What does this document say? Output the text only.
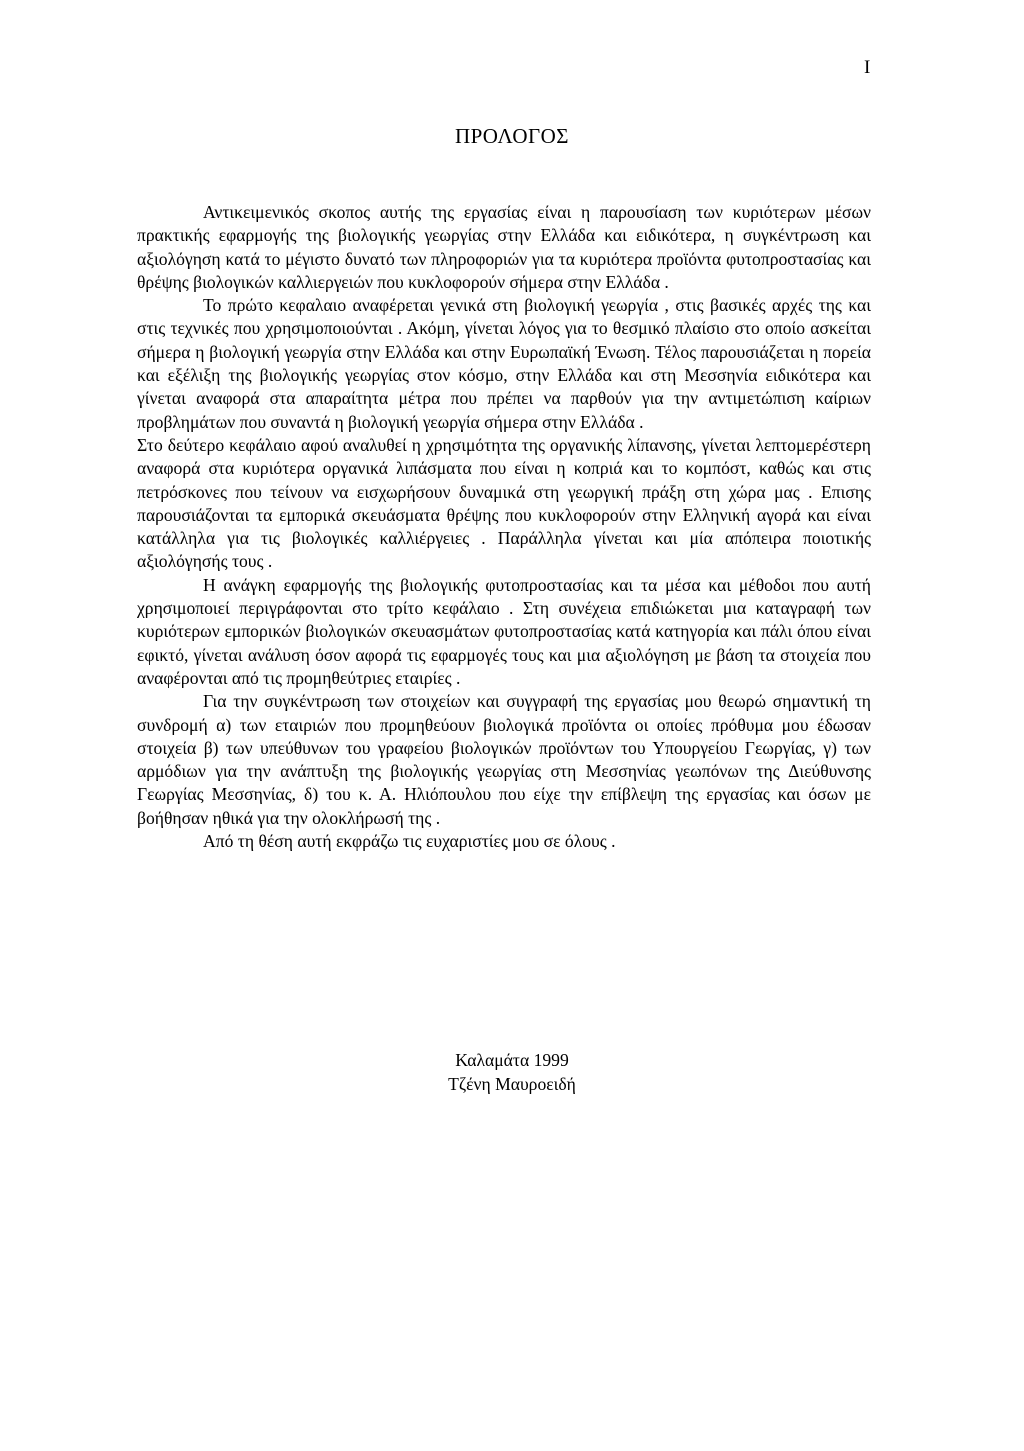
I
ΠΡΟΛΟΓΟΣ

Αντικειμενικός σκοπος αυτής της εργασίας είναι η παρουσίαση των κυριότερων μέσων πρακτικής εφαρμογής της βιολογικής γεωργίας στην Ελλάδα και ειδικότερα, η συγκέντρωση και αξιολόγηση κατά το μέγιστο δυνατό των πληροφοριών για τα κυριότερα προϊόντα φυτοπροστασίας και θρέψης βιολογικών καλλιεργειών που κυκλοφορούν σήμερα στην Ελλάδα .

Το πρώτο κεφαλαιο αναφέρεται γενικά στη βιολογική γεωργία , στις βασικές αρχές της και στις τεχνικές που χρησιμοποιούνται . Ακόμη, γίνεται λόγος για το θεσμικό πλαίσιο στο οποίο ασκείται σήμερα η βιολογική γεωργία στην Ελλάδα και στην Ευρωπαϊκή Ένωση. Τέλος παρουσιάζεται η πορεία και εξέλιξη της βιολογικής γεωργίας στον κόσμο, στην Ελλάδα και στη Μεσσηνία ειδικότερα και γίνεται αναφορά στα απαραίτητα μέτρα που πρέπει να παρθούν για την αντιμετώπιση καίριων προβλημάτων που συναντά η βιολογική γεωργία σήμερα στην Ελλάδα .

Στο δεύτερο κεφάλαιο αφού αναλυθεί η χρησιμότητα της οργανικής λίπανσης, γίνεται λεπτομερέστερη αναφορά στα κυριότερα οργανικά λιπάσματα που είναι η κοπριά και το κομπόστ, καθώς και στις πετρόσκονες που τείνουν να εισχωρήσουν δυναμικά στη γεωργική πράξη στη χώρα μας . Επισης παρουσιάζονται τα εμπορικά σκευάσματα θρέψης που κυκλοφορούν στην Ελληνική αγορά και είναι κατάλληλα για τις βιολογικές καλλιέργειες . Παράλληλα γίνεται και μία απόπειρα ποιοτικής αξιολόγησής τους .

Η ανάγκη εφαρμογής της βιολογικής φυτοπροστασίας και τα μέσα και μέθοδοι που αυτή χρησιμοποιεί περιγράφονται στο τρίτο κεφάλαιο . Στη συνέχεια επιδιώκεται μια καταγραφή των κυριότερων εμπορικών βιολογικών σκευασμάτων φυτοπροστασίας κατά κατηγορία και πάλι όπου είναι εφικτό, γίνεται ανάλυση όσον αφορά τις εφαρμογές τους και μια αξιολόγηση με βάση τα στοιχεία που αναφέρονται από τις προμηθεύτριες εταιρίες .

Για την συγκέντρωση των στοιχείων και συγγραφή της εργασίας μου θεωρώ σημαντική τη συνδρομή α) των εταιριών που προμηθεύουν βιολογικά προϊόντα οι οποίες πρόθυμα μου έδωσαν στοιχεία β) των υπεύθυνων του γραφείου βιολογικών προϊόντων του Υπουργείου Γεωργίας, γ) των αρμόδιων για την ανάπτυξη της βιολογικής γεωργίας στη Μεσσηνίας γεωπόνων της Διεύθυνσης Γεωργίας Μεσσηνίας, δ) του κ. Α. Ηλιόπουλου που είχε την επίβλεψη της εργασίας και όσων με βοήθησαν ηθικά για την ολοκλήρωσή της .

Από τη θέση αυτή εκφράζω τις ευχαριστίες μου σε όλους .

Καλαμάτα 1999
Τζένη Μαυροειδή
